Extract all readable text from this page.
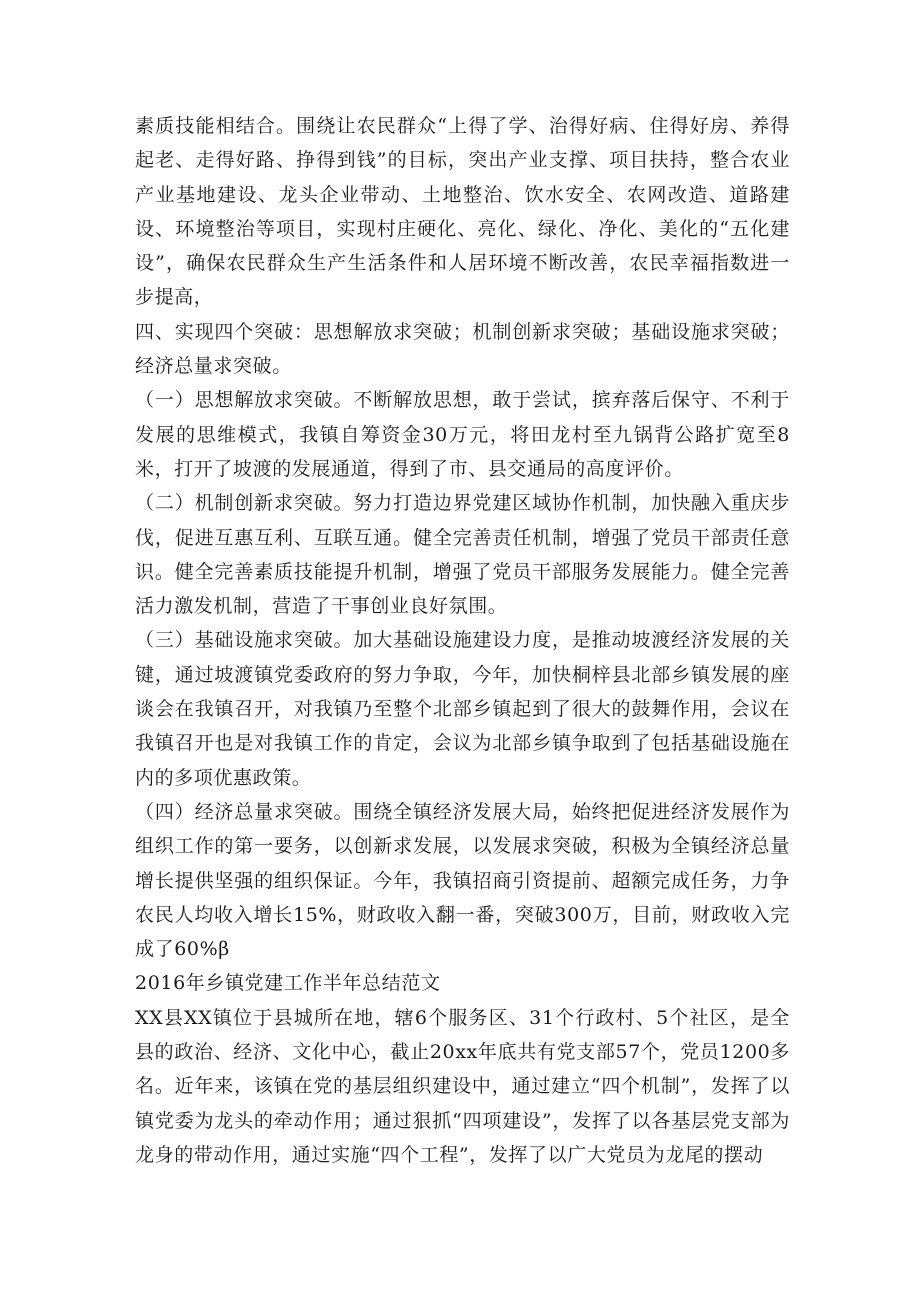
素质技能相结合。围绕让农民群众“上得了学、治得好病、住得好房、养得起老、走得好路、挣得到钱”的目标，突出产业支撑、项目扶持，整合农业产业基地建设、龙头企业带动、土地整治、饮水安全、农网改造、道路建设、环境整治等项目，实现村庄硬化、亮化、绿化、净化、美化的“五化建设”，确保农民群众生产生活条件和人居环境不断改善，农民幸福指数进一步提高，

四、实现四个突破：思想解放求突破；机制创新求突破；基础设施求突破；经济总量求突破。

（一）思想解放求突破。不断解放思想，敢于尝试，摈弃落后保守、不利于发展的思维模式，我镇自筹资金30万元，将田龙村至九锅背公路扩宽至8米，打开了坡渡的发展通道，得到了市、县交通局的高度评价。

（二）机制创新求突破。努力打造边界党建区域协作机制，加快融入重庆步伐，促进互惠互利、互联互通。健全完善责任机制，增强了党员干部责任意识。健全完善素质技能提升机制，增强了党员干部服务发展能力。健全完善活力激发机制，营造了干事创业良好氛围。

（三）基础设施求突破。加大基础设施建设力度，是推动坡渡经济发展的关键，通过坡渡镇党委政府的努力争取，今年，加快桐梓县北部乡镇发展的座谈会在我镇召开，对我镇乃至整个北部乡镇起到了很大的鼓舞作用，会议在我镇召开也是对我镇工作的肯定，会议为北部乡镇争取到了包括基础设施在内的多项优惠政策。

（四）经济总量求突破。围绕全镇经济发展大局，始终把促进经济发展作为组织工作的第一要务，以创新求发展，以发展求突破，积极为全镇经济总量增长提供坚强的组织保证。今年，我镇招商引资提前、超额完成任务，力争农民人均收入增长15%，财政收入翻一番，突破300万，目前，财政收入完成了60%β

2016年乡镇党建工作半年总结范文

XX县XX镇位于县城所在地，辖6个服务区、31个行政村、5个社区，是全县的政治、经济、文化中心，截止20xx年底共有党支部57个，党员1200多名。近年来，该镇在党的基层组织建设中，通过建立“四个机制”，发挥了以镇党委为龙头的牵动作用；通过狠抓“四项建设”，发挥了以各基层党支部为龙身的带动作用，通过实施“四个工程”，发挥了以广大党员为龙尾的摆动
